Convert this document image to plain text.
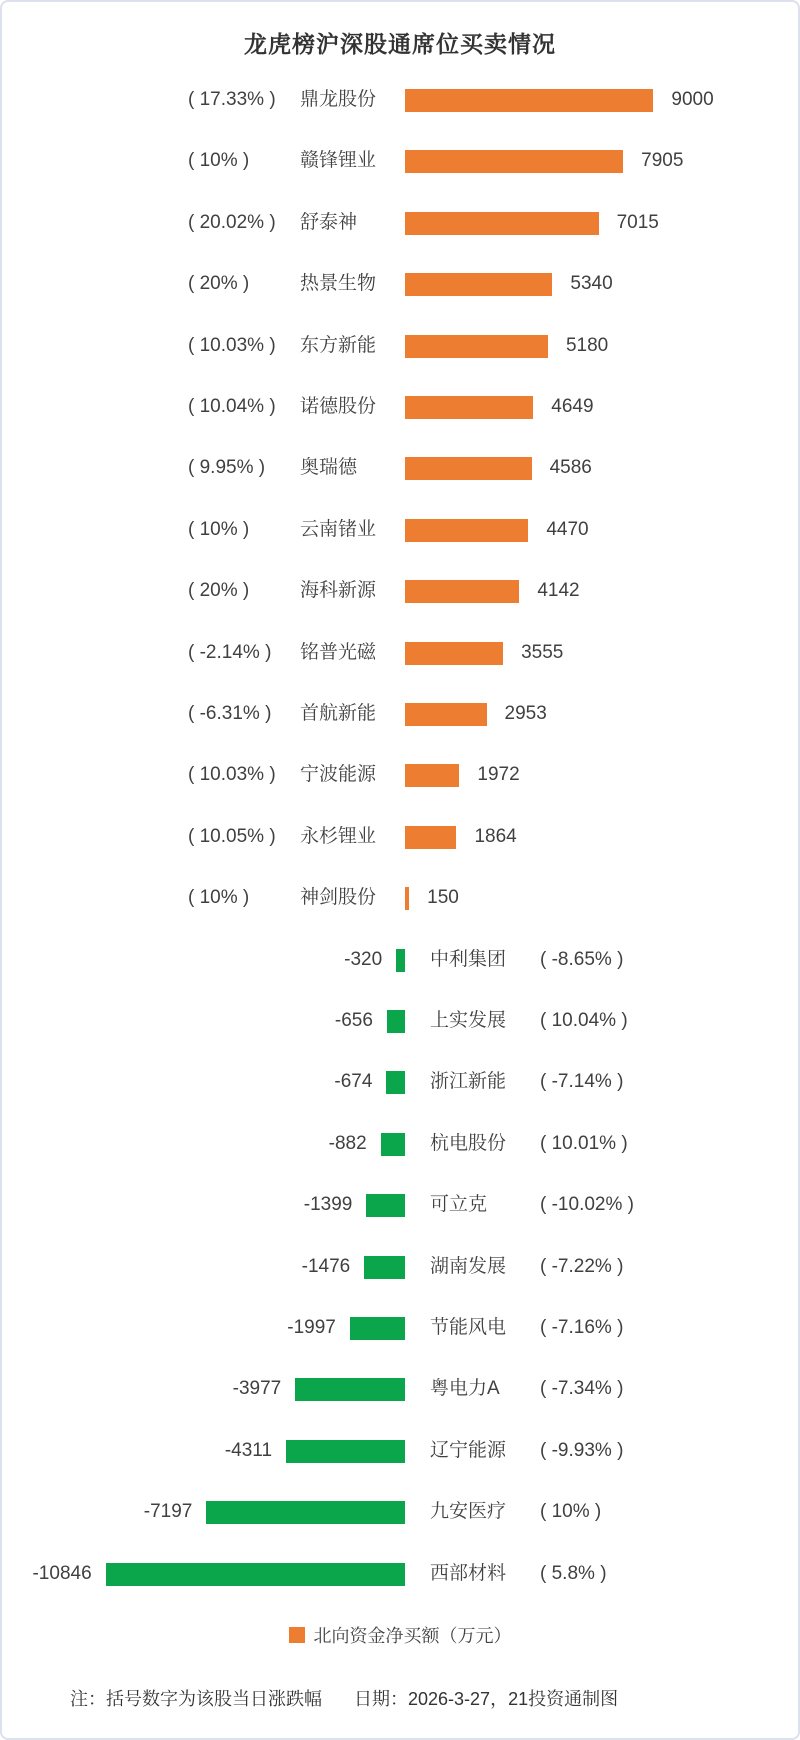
龙虎榜沪深股通席位买卖情况
( 17.33% ) 鼎龙股份	9000
( 10% )	赣锋锂业	7905
( 20.02% ) 舒泰神	7015
( 20% )	热景生物	5340
( 10.03% ) 东方新能	5180
( 10.04% ) 诺德股份	4649
( 9.95% ) 奥瑞德	4586
( 10% )	云南锗业	4470
( 20% )	海科新源	4142
( -2.14% ) 铭普光磁	3555
( -6.31% ) 首航新能	2953
( 10.03% ) 宁波能源	1972
( 10.05% ) 永杉锂业	1864
( 10% )	神剑股份	150
-320	中利集团 ( -8.65% )
-656	上实发展 ( 10.04% )
-674	浙江新能 ( -7.14% )
-882	杭电股份 ( 10.01% )
-1399	可立克	( -10.02% )
-1476	湖南发展 ( -7.22% )
-1997	节能风电 ( -7.16% )
-3977	粤电力A ( -7.34% )
-4311	辽宁能源 ( -9.93% )
-7197	九安医疗 ( 10% )
-10846	西部材料 ( 5.8% )
北向资金净买额（万元）
注：括号数字为该股当日涨跌幅 日期：2026-3-27，21投资通制图
